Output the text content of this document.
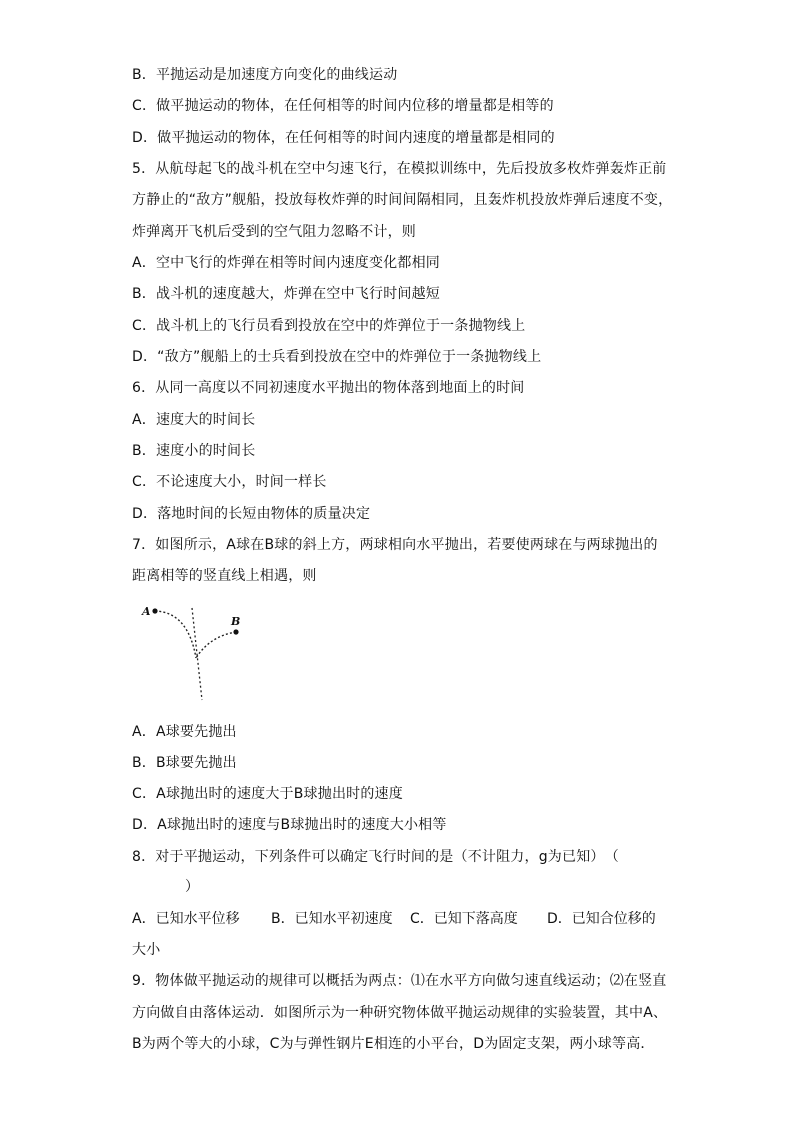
B．平抛运动是加速度方向变化的曲线运动
C．做平抛运动的物体，在任何相等的时间内位移的增量都是相等的
D．做平抛运动的物体，在任何相等的时间内速度的增量都是相同的
5．从航母起飞的战斗机在空中匀速飞行，在模拟训练中，先后投放多枚炸弹轰炸正前
方静止的“敌方”舰船，投放每枚炸弹的时间间隔相同，且轰炸机投放炸弹后速度不变，
炸弹离开飞机后受到的空气阻力忽略不计，则
A．空中飞行的炸弹在相等时间内速度变化都相同
B．战斗机的速度越大，炸弹在空中飞行时间越短
C．战斗机上的飞行员看到投放在空中的炸弹位于一条抛物线上
D．“敌方”舰船上的士兵看到投放在空中的炸弹位于一条抛物线上
6．从同一高度以不同初速度水平抛出的物体落到地面上的时间
A．速度大的时间长
B．速度小的时间长
C．不论速度大小，时间一样长
D．落地时间的长短由物体的质量决定
7．如图所示，A球在B球的斜上方，两球相向水平抛出，若要使两球在与两球抛出的
距离相等的竖直线上相遇，则
A
B
A．A球要先抛出
B．B球要先抛出
C．A球抛出时的速度大于B球抛出时的速度
D．A球抛出时的速度与B球抛出时的速度大小相等
8．对于平抛运动，下列条件可以确定飞行时间的是（不计阻力，g为已知）　（
）
A．已知水平位移 B．已知水平初速度 C．已知下落高度 D．已知合位移的
大小
9．物体做平抛运动的规律可以概括为两点：⑴在水平方向做匀速直线运动；⑵在竖直
方向做自由落体运动．如图所示为一种研究物体做平抛运动规律的实验装置，其中A、
B为两个等大的小球，C为与弹性钢片E相连的小平台，D为固定支架，两小球等高．
